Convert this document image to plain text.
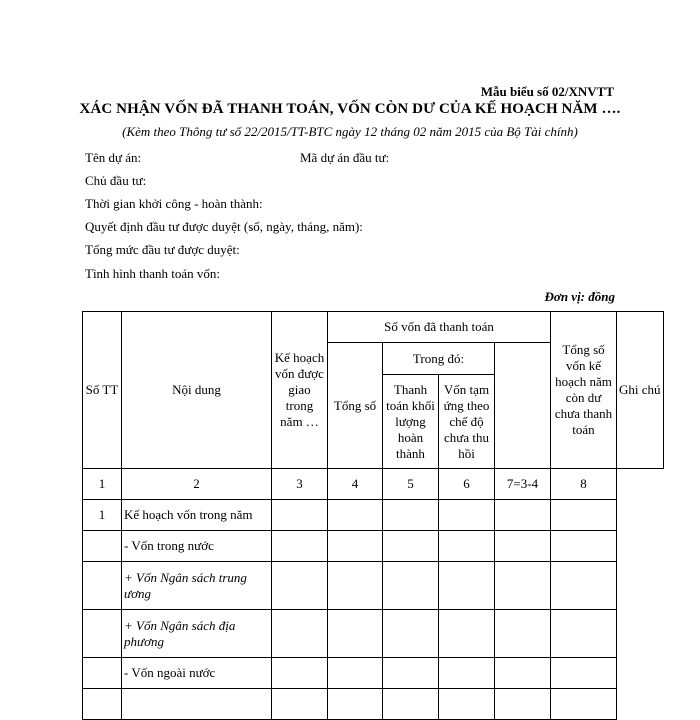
Mẫu biểu số 02/XNVTT
XÁC NHẬN VỐN ĐÃ THANH TOÁN, VỐN CÒN DƯ CỦA KẾ HOẠCH NĂM ….
(Kèm theo Thông tư số 22/2015/TT-BTC ngày 12 tháng 02 năm 2015 của Bộ Tài chính)
Tên dự án:	Mã dự án đầu tư:
Chủ đầu tư:
Thời gian khởi công - hoàn thành:
Quyết định đầu tư được duyệt (số, ngày, tháng, năm):
Tổng mức đầu tư được duyệt:
Tình hình thanh toán vốn:
Đơn vị: đồng
Số TT	Nội dung	Kế hoạch vốn được giao trong năm …	Số vốn đã thanh toán				Tổng số vốn kế hoạch năm còn dư chưa thanh toán	Ghi chú
			Tổng số	Trong đó:				
				Thanh toán khối lượng hoàn thành	Vốn tạm ứng theo chế độ chưa thu hồi			
1	2	3	4	5	6	7=3-4	8	
1	Kế hoạch vốn trong năm							
	- Vốn trong nước							
	+ Vốn Ngân sách trung ương							
	+ Vốn Ngân sách địa phương							
	- Vốn ngoài nước							
